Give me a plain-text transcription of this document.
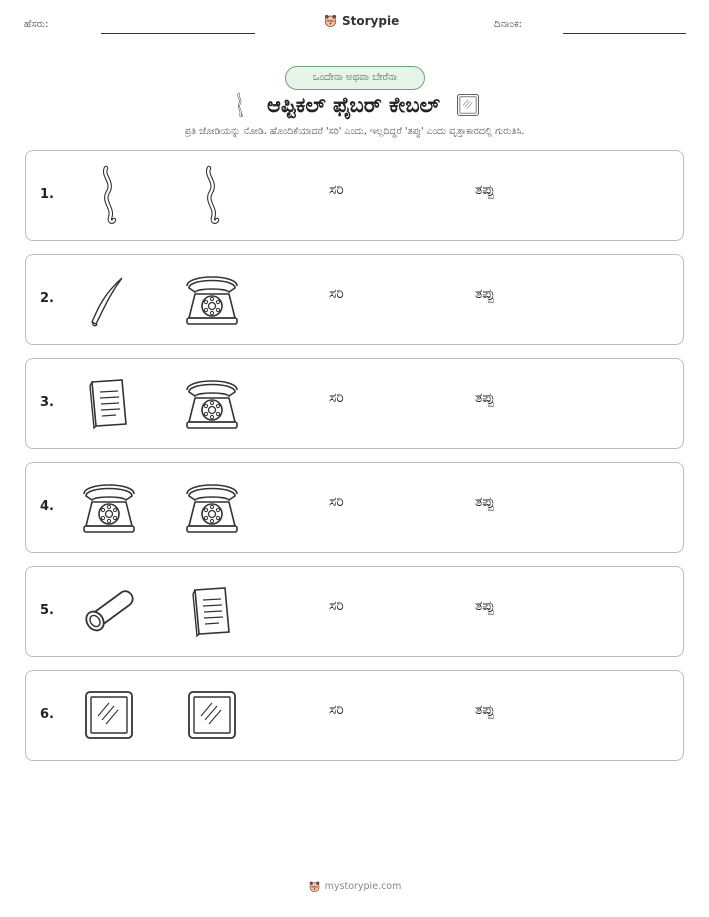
ಹೆಸರು:	Storypie	ದಿನಾಂಕ:
ಒಂದೇನಾ ಅಥವಾ ಬೇರೆನಾ
ಆಪ್ಟಿಕಲ್ ಫೈಬರ್ ಕೇಬಲ್
ಪ್ರತಿ ಜೋಡಿಯನ್ನು ನೋಡಿ. ಹೊಂದಿಕೆಯಾದರೆ 'ಸರಿ' ಎಂದು, ಇಲ್ಲದಿದ್ದರೆ 'ತಪ್ಪು' ಎಂದು ವೃತ್ತಾಕಾರದಲ್ಲಿ ಗುರುತಿಸಿ.
1.	ಸರಿ	ತಪ್ಪು
2.	ಸರಿ	ತಪ್ಪು
3.	ಸರಿ	ತಪ್ಪು
4.	ಸರಿ	ತಪ್ಪು
5.	ಸರಿ	ತಪ್ಪು
6.	ಸರಿ	ತಪ್ಪು
mystorypie.com
